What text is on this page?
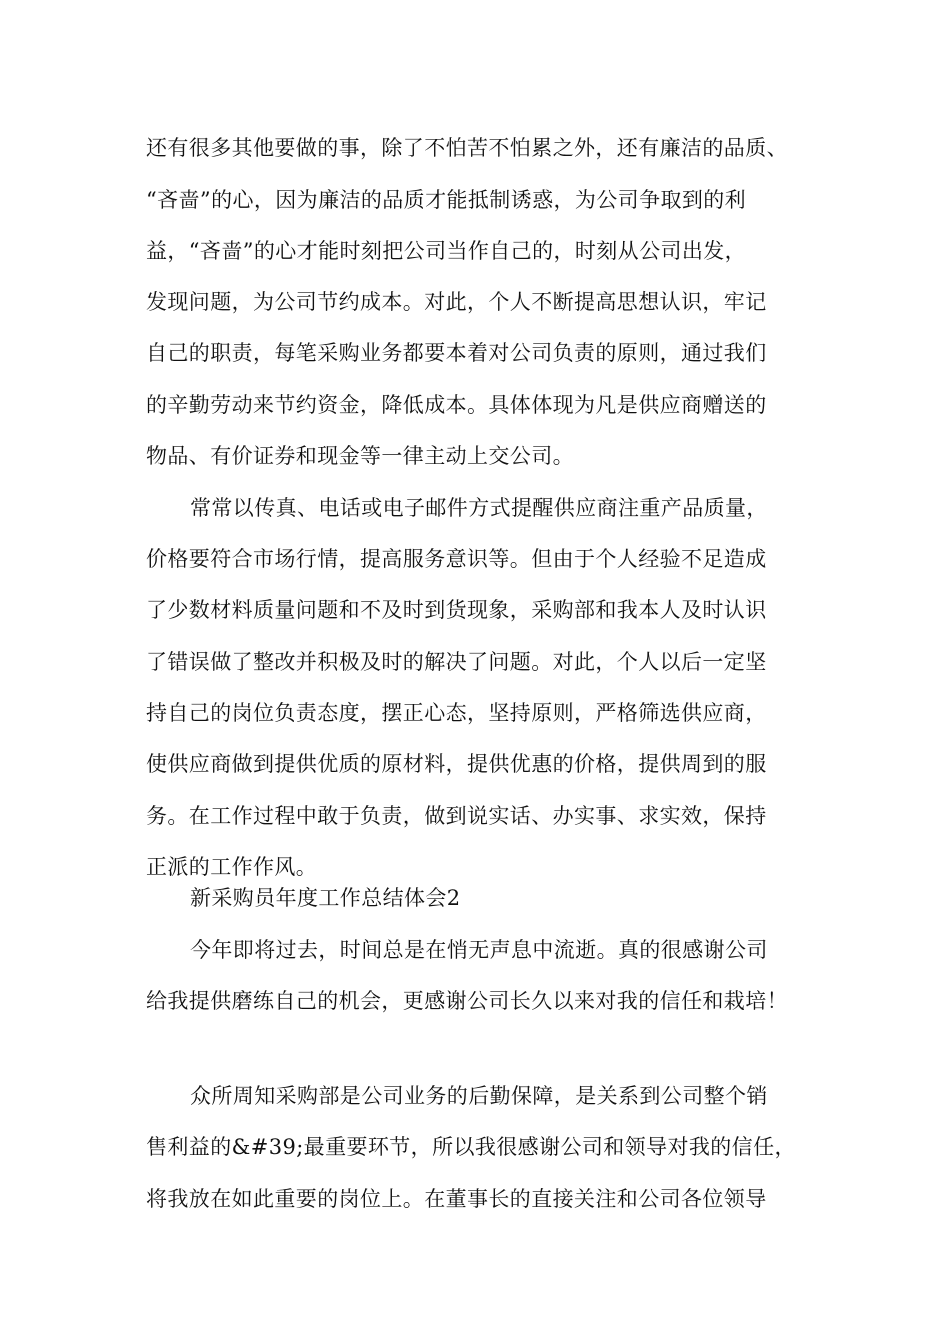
还有很多其他要做的事，除了不怕苦不怕累之外，还有廉洁的品质、
“吝啬”的心，因为廉洁的品质才能抵制诱惑，为公司争取到的利
益，“吝啬”的心才能时刻把公司当作自己的，时刻从公司出发，
发现问题，为公司节约成本。对此，个人不断提高思想认识，牢记
自己的职责，每笔采购业务都要本着对公司负责的原则，通过我们
的辛勤劳动来节约资金，降低成本。具体体现为凡是供应商赠送的
物品、有价证券和现金等一律主动上交公司。
常常以传真、电话或电子邮件方式提醒供应商注重产品质量，
价格要符合市场行情，提高服务意识等。但由于个人经验不足造成
了少数材料质量问题和不及时到货现象，采购部和我本人及时认识
了错误做了整改并积极及时的解决了问题。对此，个人以后一定坚
持自己的岗位负责态度，摆正心态，坚持原则，严格筛选供应商，
使供应商做到提供优质的原材料，提供优惠的价格，提供周到的服
务。在工作过程中敢于负责，做到说实话、办实事、求实效，保持
正派的工作作风。
新采购员年度工作总结体会2
今年即将过去，时间总是在悄无声息中流逝。真的很感谢公司
给我提供磨练自己的机会，更感谢公司长久以来对我的信任和栽培！
众所周知采购部是公司业务的后勤保障，是关系到公司整个销
售利益的&#39;最重要环节，所以我很感谢公司和领导对我的信任，
将我放在如此重要的岗位上。在董事长的直接关注和公司各位领导
